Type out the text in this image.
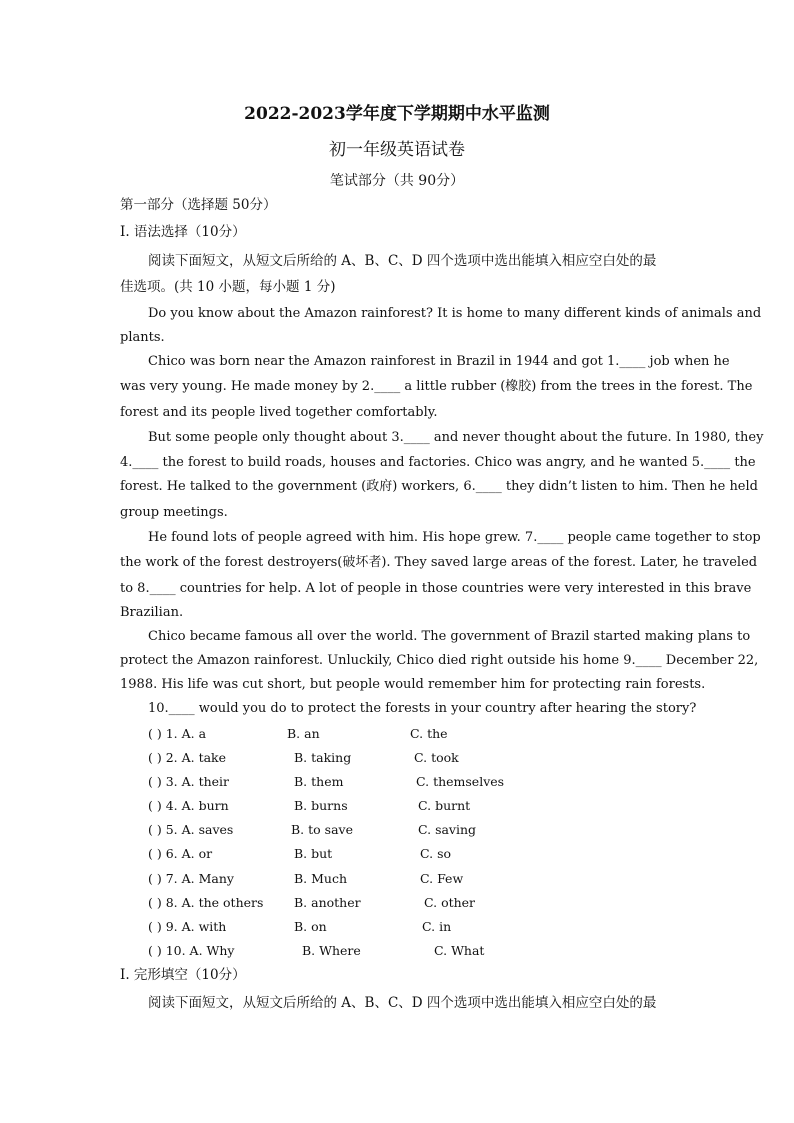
2022-2023学年度下学期期中水平监测
初一年级英语试卷
笔试部分（共 90分）
第一部分（选择题 50分）
Ⅰ. 语法选择（10分）
阅读下面短文，从短文后所给的 A、B、C、D 四个选项中选出能填入相应空白处的最
佳选项。(共 10 小题，每小题 1 分)
Do you know about the Amazon rainforest? It is home to many different kinds of animals and
plants.
Chico was born near the Amazon rainforest in Brazil in 1944 and got 1.____ job when he
was very young. He made money by 2.____ a little rubber (橡胶) from the trees in the forest. The
forest and its people lived together comfortably.
But some people only thought about 3.____ and never thought about the future. In 1980, they
4.____ the forest to build roads, houses and factories. Chico was angry, and he wanted 5.____ the
forest. He talked to the government (政府) workers, 6.____ they didn’t listen to him. Then he held
group meetings.
He found lots of people agreed with him. His hope grew. 7.____ people came together to stop
the work of the forest destroyers(破坏者). They saved large areas of the forest. Later, he traveled
to 8.____ countries for help. A lot of people in those countries were very interested in this brave
Brazilian.
Chico became famous all over the world. The government of Brazil started making plans to
protect the Amazon rainforest. Unluckily, Chico died right outside his home 9.____ December 22,
1988. His life was cut short, but people would remember him for protecting rain forests.
10.____ would you do to protect the forests in your country after hearing the story?
( ) 1. A. a	B. an	C. the
( ) 2. A. take	B. taking	C. took
( ) 3. A. their	B. them	C. themselves
( ) 4. A. burn	B. burns	C. burnt
( ) 5. A. saves	B. to save	C. saving
( ) 6. A. or	B. but	C. so
( ) 7. A. Many	B. Much	C. Few
( ) 8. A. the others B. another	C. other
( ) 9. A. with	B. on	C. in
( ) 10. A. Why	B. Where	C. What
Ⅰ. 完形填空（10分）
阅读下面短文，从短文后所给的 A、B、C、D 四个选项中选出能填入相应空白处的最
